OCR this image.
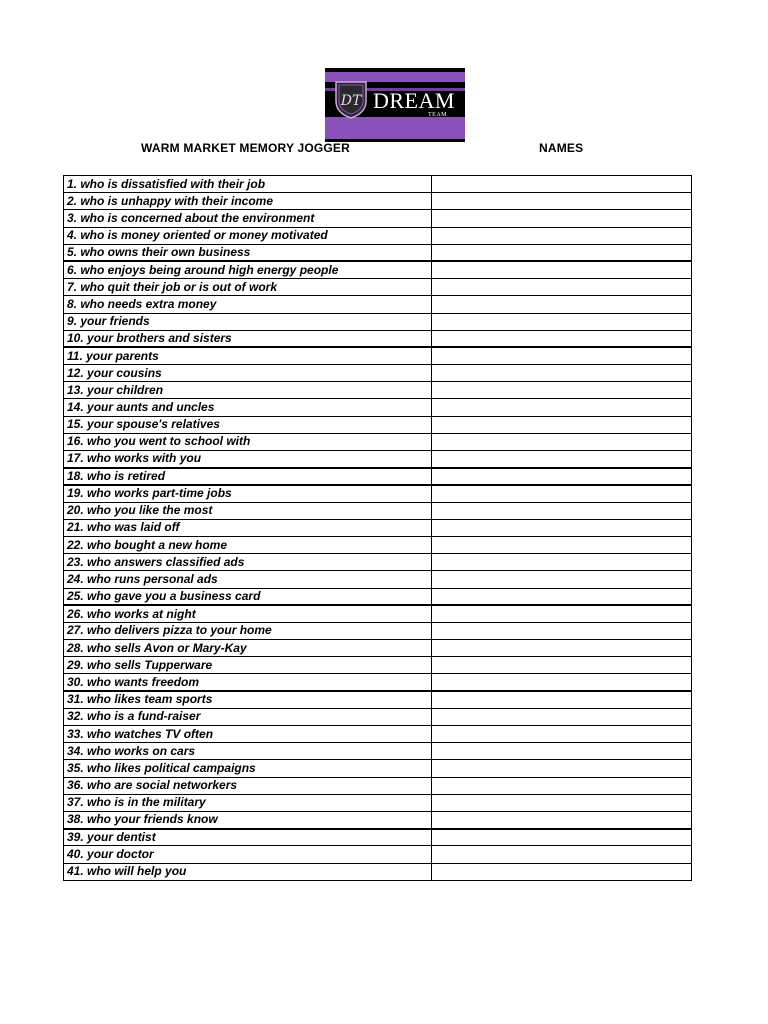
DT DREAM
TEAM
WARM MARKET MEMORY JOGGER	NAMES
1. who is dissatisfied with their job	
2. who is unhappy with their income	
3. who is concerned about the environment	
4. who is money oriented or money motivated	
5. who owns their own business	
6. who enjoys being around high energy people	
7. who quit their job or is out of work	
8. who needs extra money	
9. your friends	
10. your brothers and sisters	
11. your parents	
12. your cousins	
13. your children	
14. your aunts and uncles	
15. your spouse's relatives	
16. who you went to school with	
17. who works with you	
18. who is retired	
19. who works part-time jobs	
20. who you like the most	
21. who was laid off	
22. who bought a new home	
23. who answers classified ads	
24. who runs personal ads	
25. who gave you a business card	
26. who works at night	
27. who delivers pizza to your home	
28. who sells Avon or Mary-Kay	
29. who sells Tupperware	
30. who wants freedom	
31. who likes team sports	
32. who is a fund-raiser	
33. who watches TV often	
34. who works on cars	
35. who likes political campaigns	
36. who are social networkers	
37. who is in the military	
38. who your friends know	
39. your dentist	
40. your doctor	
41. who will help you	
